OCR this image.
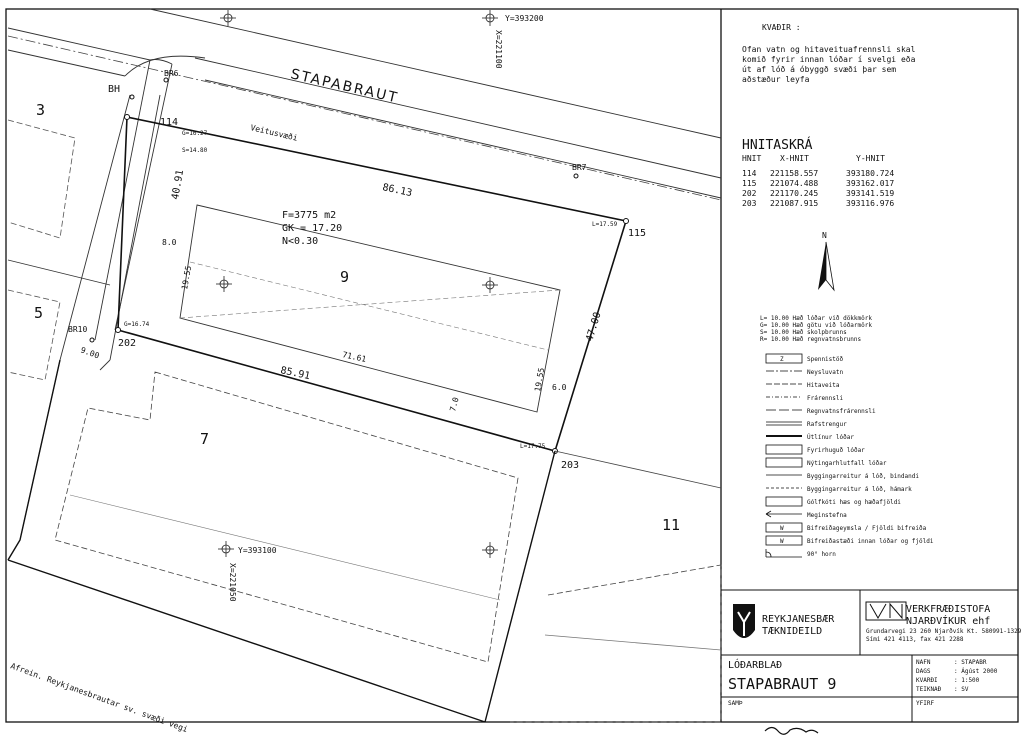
STAPABRAUT
Veitusvæði
3
5
Y=393200
X=221100
Y=393100
X=221050
F=3775 m2
GK = 17.20
N<0.30
9
86.13
85.91
71.61
47.00
40.91
9.00
8.0
7.0
6.0
19.55
19.55
114
115
202
203
BR6
BR7
BR10
BH
G=16.27
S=14.80
L=17.59
G=16.74
L=17.75
7
11
Afrein. Reykjanesbrautar sv. svæði vegi
KVAÐIR :
Ofan vatn og hitaveituafrennsli skal
komið fyrir innan lóðar í svelgi eða
út af lóð á óbyggð svæði þar sem
aðstæður leyfa
HNITASKRÁ
HNIT X-HNIT	Y-HNIT
114 221158.557	393180.724
115 221074.488	393162.017
202 221170.245	393141.519
203 221087.915	393116.976
N
L= 10.00 Hæð lóðar við dökkmörk
G= 10.00 Hæð götu við lóðarmörk
S= 10.00 Hæð skolpbrunns
R= 10.00 Hæð regnvatnsbrunns
Z	Spennistöð
Neysluvatn
Hitaveita
Frárennsli
Regnvatnsfrárennsli
Rafstrengur
Útlínur lóðar
Fyrirhuguð lóðar
Nýtingarhlutfall lóðar
Byggingarreitur á lóð, bindandi
Byggingarreitur á lóð, hámark
Gólfkóti hæs og hæðafjöldi
Meginstefna
W	Bifreiðageymsla / Fjöldi bifreiða
W	Bifreiðastæði innan lóðar og fjöldi
90° horn
REYKJANESBÆR
TÆKNIDEILD
VERKFRÆÐISTOFA
NJARÐVÍKUR ehf
Grundarvegi 23 260 Njarðvík Kt. 580991-1329
Sími 421 4113, fax 421 2288
LÓÐARBLAÐ
STAPABRAUT 9
NAFN	: STAPABR
DAGS	: Ágúst 2000
KVARÐI	: 1:500
TEIKNAÐ : SV
SAMÞ	YFIRF
